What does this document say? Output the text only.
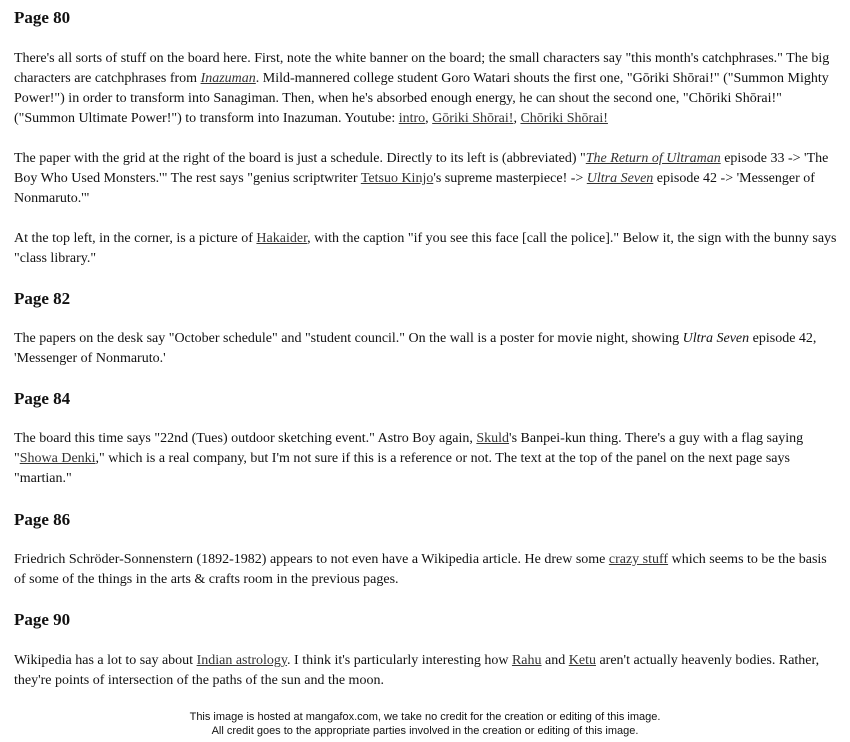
Page 80

There's all sorts of stuff on the board here. First, note the white banner on the board; the small characters say "this month's catchphrases." The big characters are catchphrases from Inazuman. Mild-mannered college student Goro Watari shouts the first one, "Gōriki Shōrai!" ("Summon Mighty Power!") in order to transform into Sanagiman. Then, when he's absorbed enough energy, he can shout the second one, "Chōriki Shōrai!" ("Summon Ultimate Power!") to transform into Inazuman. Youtube: intro, Gōriki Shōrai!, Chōriki Shōrai!

The paper with the grid at the right of the board is just a schedule. Directly to its left is (abbreviated) "The Return of Ultraman episode 33 -> 'The Boy Who Used Monsters.'" The rest says "genius scriptwriter Tetsuo Kinjo's supreme masterpiece! -> Ultra Seven episode 42 -> 'Messenger of Nonmaruto.'"

At the top left, in the corner, is a picture of Hakaider, with the caption "if you see this face [call the police]." Below it, the sign with the bunny says "class library."

Page 82

The papers on the desk say "October schedule" and "student council." On the wall is a poster for movie night, showing Ultra Seven episode 42, 'Messenger of Nonmaruto.'

Page 84

The board this time says "22nd (Tues) outdoor sketching event." Astro Boy again, Skuld's Banpei-kun thing. There's a guy with a flag saying "Showa Denki," which is a real company, but I'm not sure if this is a reference or not. The text at the top of the panel on the next page says "martian."

Page 86

Friedrich Schröder-Sonnenstern (1892-1982) appears to not even have a Wikipedia article. He drew some crazy stuff which seems to be the basis of some of the things in the arts & crafts room in the previous pages.

Page 90

Wikipedia has a lot to say about Indian astrology. I think it's particularly interesting how Rahu and Ketu aren't actually heavenly bodies. Rather, they're points of intersection of the paths of the sun and the moon.

This image is hosted at mangafox.com, we take no credit for the creation or editing of this image.
All credit goes to the appropriate parties involved in the creation or editing of this image.
